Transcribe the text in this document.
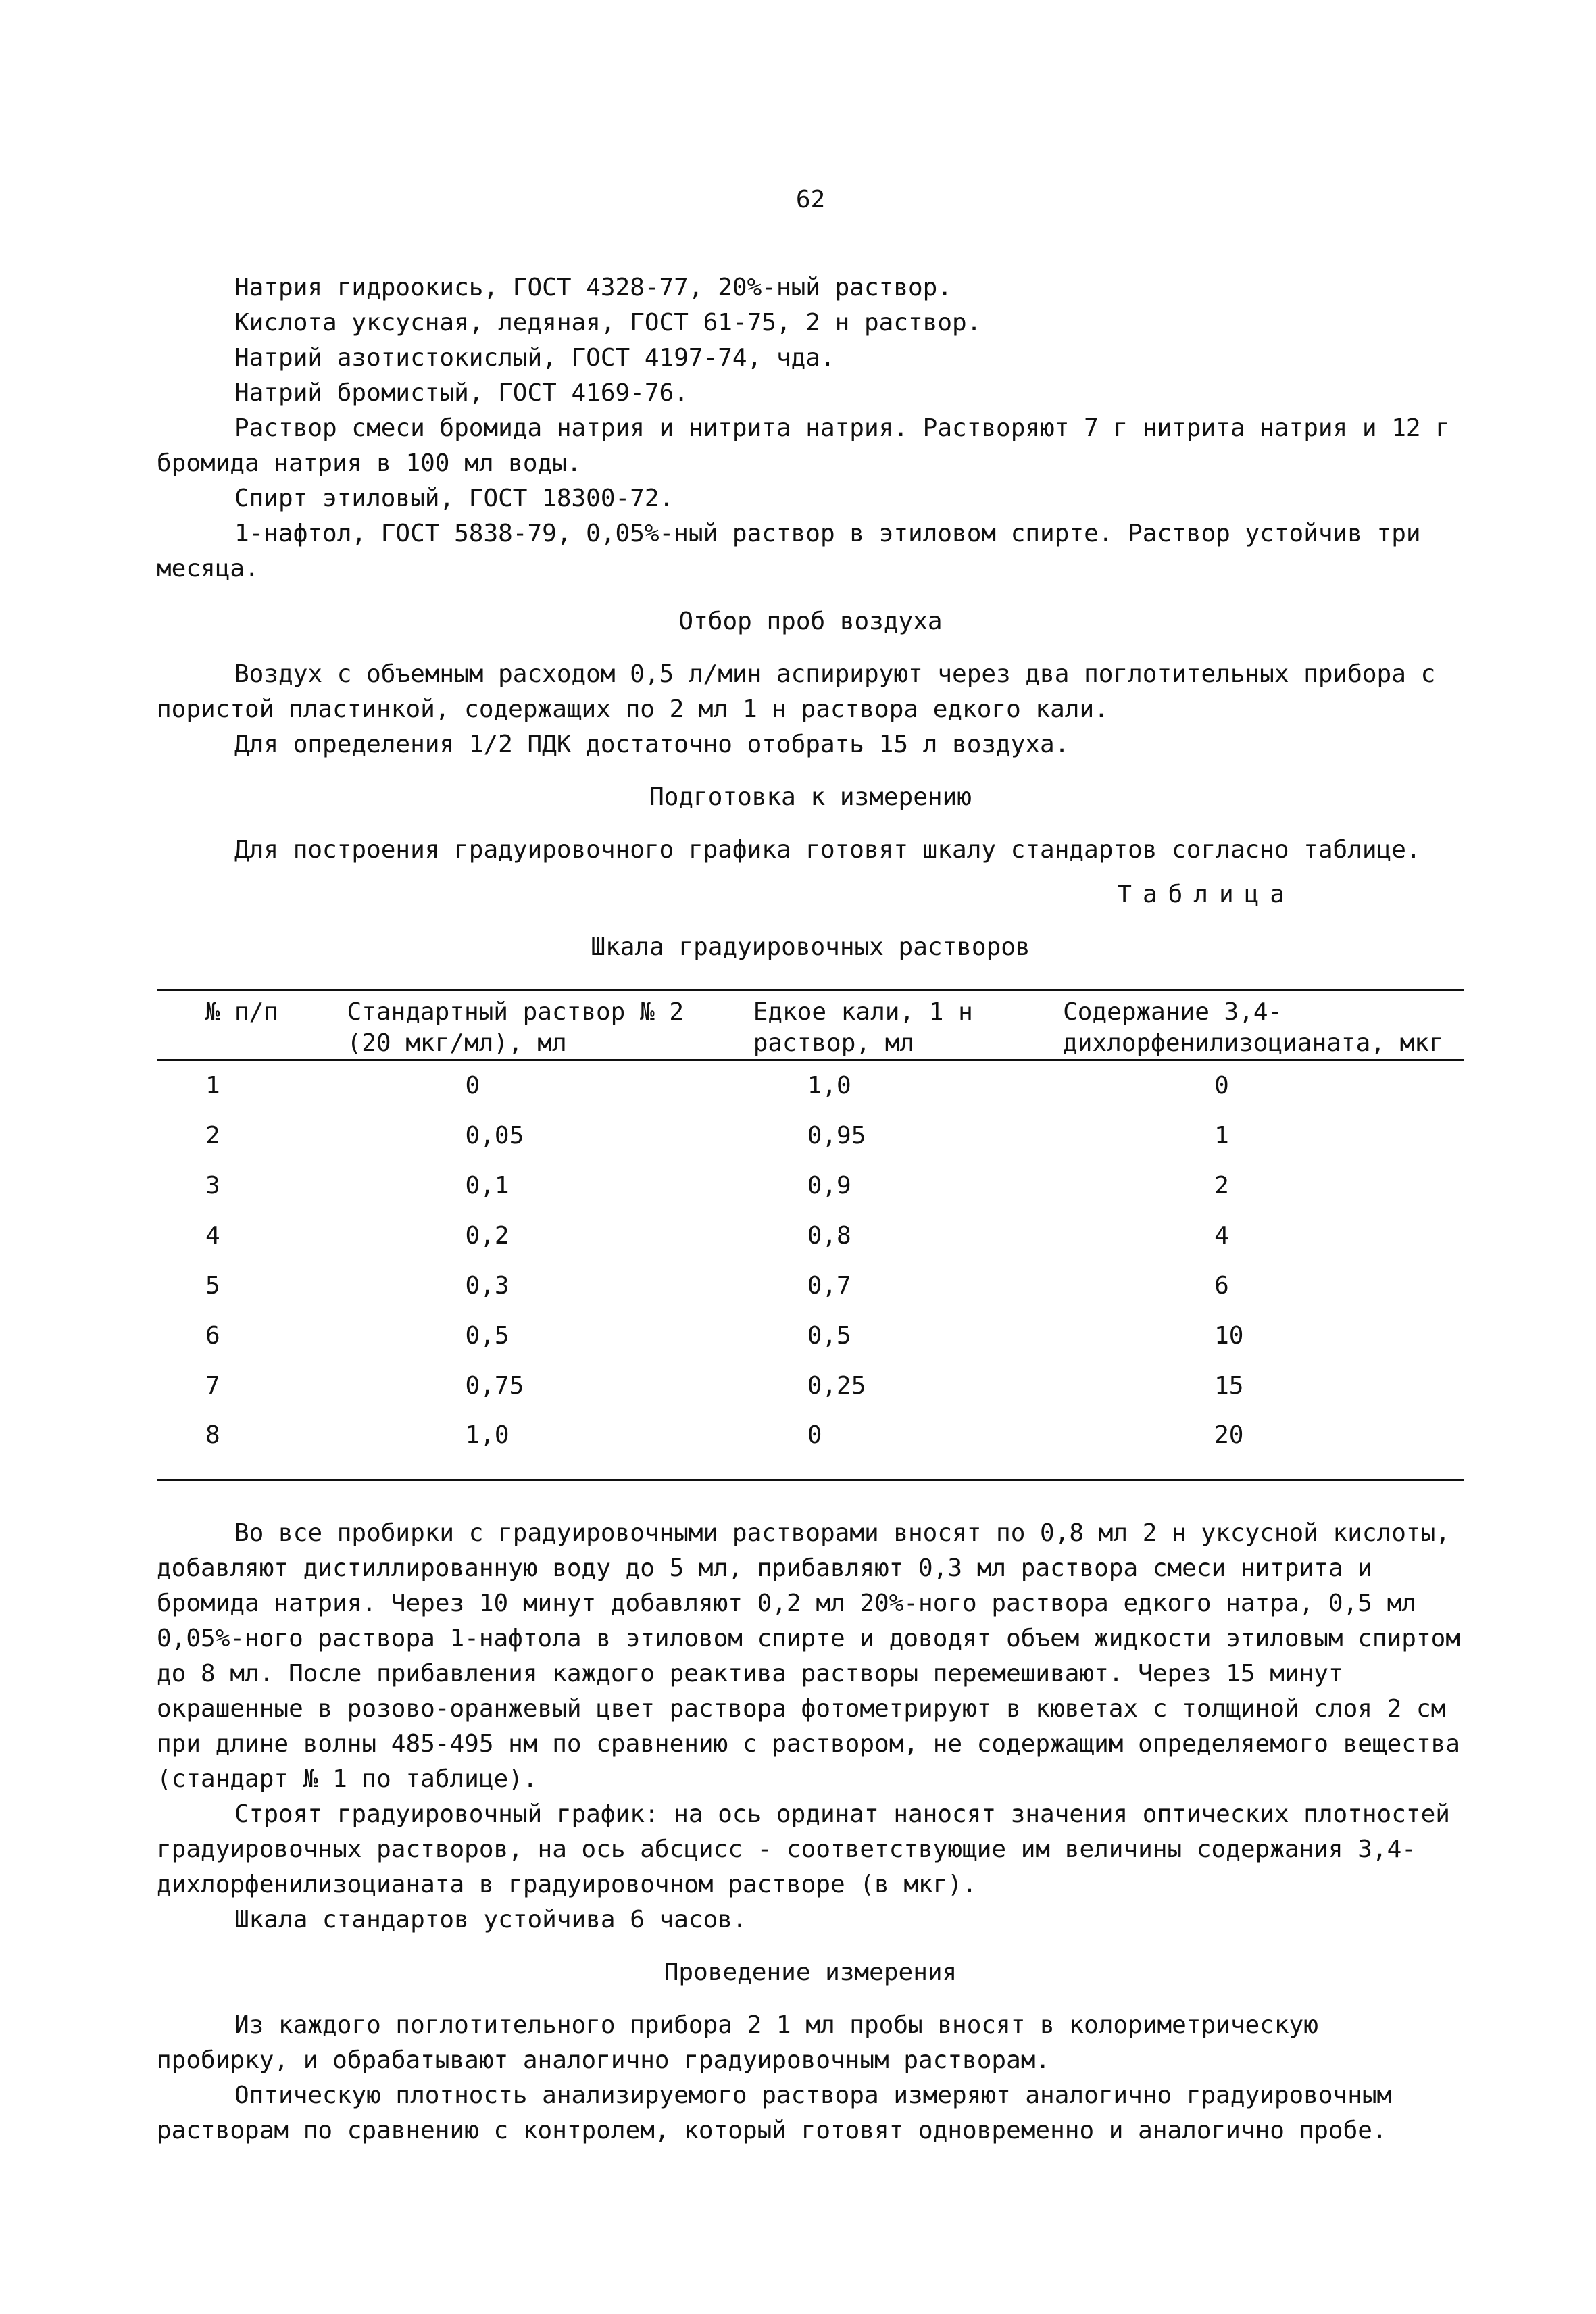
62

Натрия гидроокись, ГОСТ 4328-77, 20%-ный раствор.

Кислота уксусная, ледяная, ГОСТ 61-75, 2 н раствор.

Натрий азотистокислый, ГОСТ 4197-74, чда.

Натрий бромистый, ГОСТ 4169-76.

Раствор смеси бромида натрия и нитрита натрия. Растворяют 7 г нитрита натрия и 12 г бромида натрия в 100 мл воды.

Спирт этиловый, ГОСТ 18300-72.

1-нафтол, ГОСТ 5838-79, 0,05%-ный раствор в этиловом спирте. Раствор устойчив три месяца.

Отбор проб воздуха

Воздух с объемным расходом 0,5 л/мин аспирируют через два поглотительных прибора с пористой пластинкой, содержащих по 2 мл 1 н раствора едкого кали.

Для определения 1/2 ПДК достаточно отобрать 15 л воздуха.

Подготовка к измерению

Для построения градуировочного графика готовят шкалу стандартов согласно таблице.

Таблица
Шкала градуировочных растворов
№ п/п	Стандартный раствор № 2 (20 мкг/мл), мл	Едкое кали, 1 н раствор, мл	Содержание 3,4-дихлорфенилизоцианата, мкг
1	0	1,0	0
2	0,05	0,95	1
3	0,1	0,9	2
4	0,2	0,8	4
5	0,3	0,7	6
6	0,5	0,5	10
7	0,75	0,25	15
8	1,0	0	20

Во все пробирки с градуировочными растворами вносят по 0,8 мл 2 н уксусной кислоты, добавляют дистиллированную воду до 5 мл, прибавляют 0,3 мл раствора смеси нитрита и бромида натрия. Через 10 минут добавляют 0,2 мл 20%-ного раствора едкого натра, 0,5 мл 0,05%-ного раствора 1-нафтола в этиловом спирте и доводят объем жидкости этиловым спиртом до 8 мл. После прибавления каждого реактива растворы перемешивают. Через 15 минут окрашенные в розово-оранжевый цвет раствора фотометрируют в кюветах с толщиной слоя 2 см при длине волны 485-495 нм по сравнению с раствором, не содержащим определяемого вещества (стандарт № 1 по таблице).

Строят градуировочный график: на ось ординат наносят значения оптических плотностей градуировочных растворов, на ось абсцисс - соответствующие им величины содержания 3,4-дихлорфенилизоцианата в градуировочном растворе (в мкг).

Шкала стандартов устойчива 6 часов.

Проведение измерения

Из каждого поглотительного прибора 2 1 мл пробы вносят в колориметрическую пробирку, и обрабатывают аналогично градуировочным растворам.

Оптическую плотность анализируемого раствора измеряют аналогично градуировочным растворам по сравнению с контролем, который готовят одновременно и аналогично пробе.
